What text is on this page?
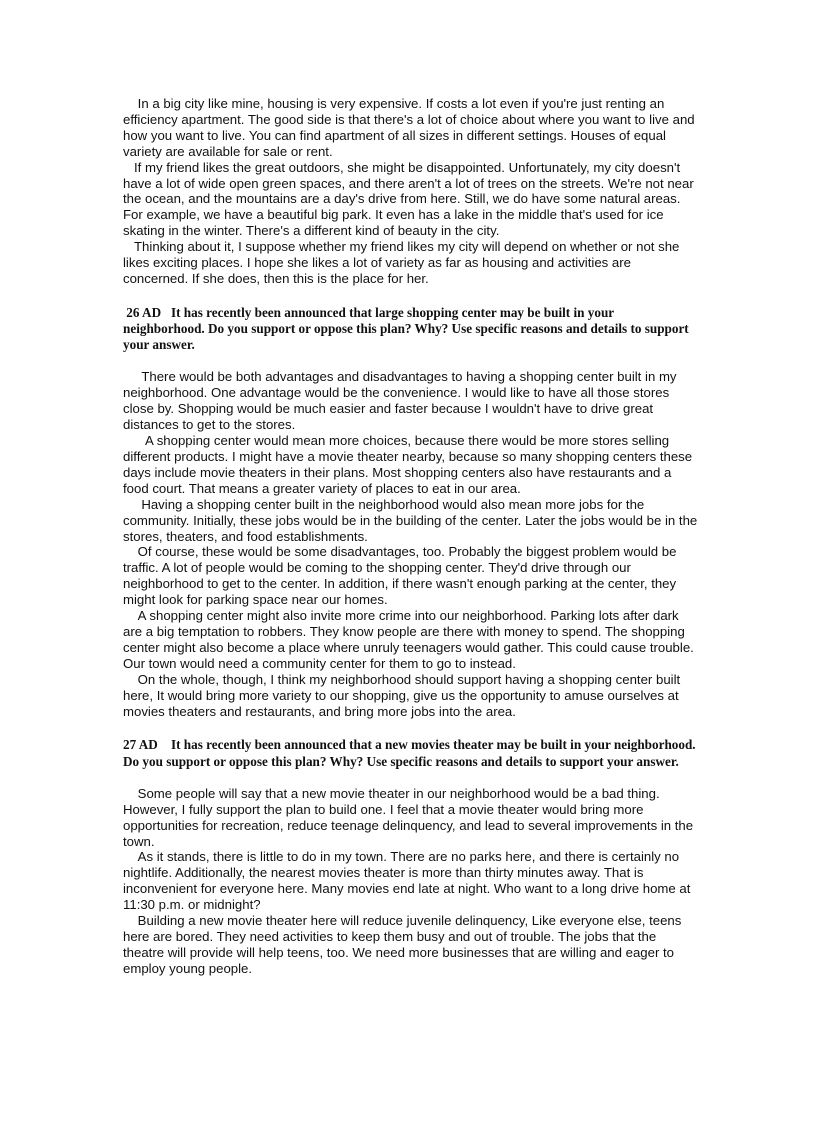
In a big city like mine, housing is very expensive. If costs a lot even if you're just renting an efficiency apartment. The good side is that there's a lot of choice about where you want to live and how you want to live. You can find apartment of all sizes in different settings. Houses of equal variety are available for sale or rent.

If my friend likes the great outdoors, she might be disappointed. Unfortunately, my city doesn't have a lot of wide open green spaces, and there aren't a lot of trees on the streets. We're not near the ocean, and the mountains are a day's drive from here. Still, we do have some natural areas. For example, we have a beautiful big park. It even has a lake in the middle that's used for ice skating in the winter. There's a different kind of beauty in the city.

Thinking about it, I suppose whether my friend likes my city will depend on whether or not she likes exciting places. I hope she likes a lot of variety as far as housing and activities are concerned. If she does, then this is the place for her.

26 AD   It has recently been announced that large shopping center may be built in your neighborhood. Do you support or oppose this plan? Why? Use specific reasons and details to support your answer.

There would be both advantages and disadvantages to having a shopping center built in my neighborhood. One advantage would be the convenience. I would like to have all those stores close by. Shopping would be much easier and faster because I wouldn't have to drive great distances to get to the stores.

A shopping center would mean more choices, because there would be more stores selling different products. I might have a movie theater nearby, because so many shopping centers these days include movie theaters in their plans. Most shopping centers also have restaurants and a food court. That means a greater variety of places to eat in our area.

Having a shopping center built in the neighborhood would also mean more jobs for the community. Initially, these jobs would be in the building of the center. Later the jobs would be in the stores, theaters, and food establishments.

Of course, these would be some disadvantages, too. Probably the biggest problem would be traffic. A lot of people would be coming to the shopping center. They'd drive through our neighborhood to get to the center. In addition, if there wasn't enough parking at the center, they might look for parking space near our homes.

A shopping center might also invite more crime into our neighborhood. Parking lots after dark are a big temptation to robbers. They know people are there with money to spend. The shopping center might also become a place where unruly teenagers would gather. This could cause trouble. Our town would need a community center for them to go to instead.

On the whole, though, I think my neighborhood should support having a shopping center built here, It would bring more variety to our shopping, give us the opportunity to amuse ourselves at movies theaters and restaurants, and bring more jobs into the area.

27 AD    It has recently been announced that a new movies theater may be built in your neighborhood. Do you support or oppose this plan? Why? Use specific reasons and details to support your answer.

Some people will say that a new movie theater in our neighborhood would be a bad thing. However, I fully support the plan to build one. I feel that a movie theater would bring more opportunities for recreation, reduce teenage delinquency, and lead to several improvements in the town.

As it stands, there is little to do in my town. There are no parks here, and there is certainly no nightlife. Additionally, the nearest movies theater is more than thirty minutes away. That is inconvenient for everyone here. Many movies end late at night. Who want to a long drive home at 11:30 p.m. or midnight?

Building a new movie theater here will reduce juvenile delinquency, Like everyone else, teens here are bored. They need activities to keep them busy and out of trouble. The jobs that the theatre will provide will help teens, too. We need more businesses that are willing and eager to employ young people.
